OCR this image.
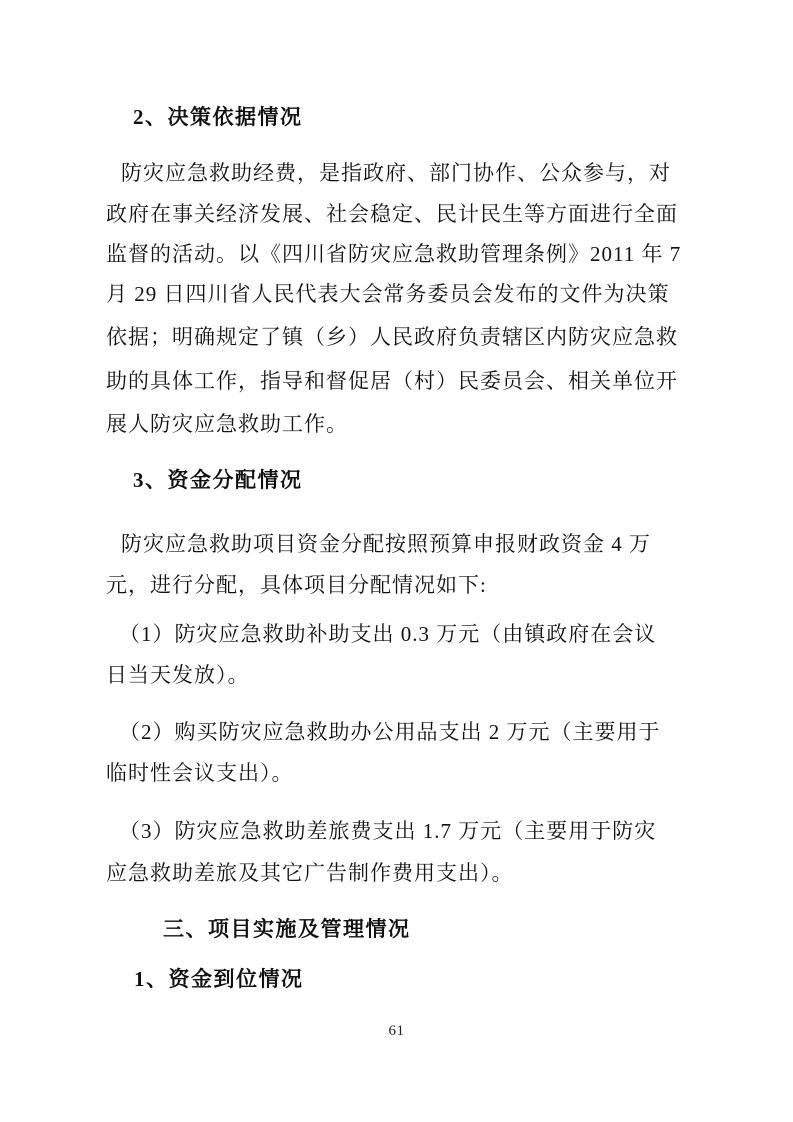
2、决策依据情况
防灾应急救助经费，是指政府、部门协作、公众参与，对
政府在事关经济发展、社会稳定、民计民生等方面进行全面
监督的活动。以《四川省防灾应急救助管理条例》2011 年 7
月 29 日四川省人民代表大会常务委员会发布的文件为决策
依据；明确规定了镇（乡）人民政府负责辖区内防灾应急救
助的具体工作，指导和督促居（村）民委员会、相关单位开
展人防灾应急救助工作。
3、资金分配情况
防灾应急救助项目资金分配按照预算申报财政资金 4 万
元，进行分配，具体项目分配情况如下:
（1）防灾应急救助补助支出 0.3 万元（由镇政府在会议
日当天发放）。
（2）购买防灾应急救助办公用品支出 2 万元（主要用于
临时性会议支出）。
（3）防灾应急救助差旅费支出 1.7 万元（主要用于防灾
应急救助差旅及其它广告制作费用支出）。
三、项目实施及管理情况
1、资金到位情况
61
